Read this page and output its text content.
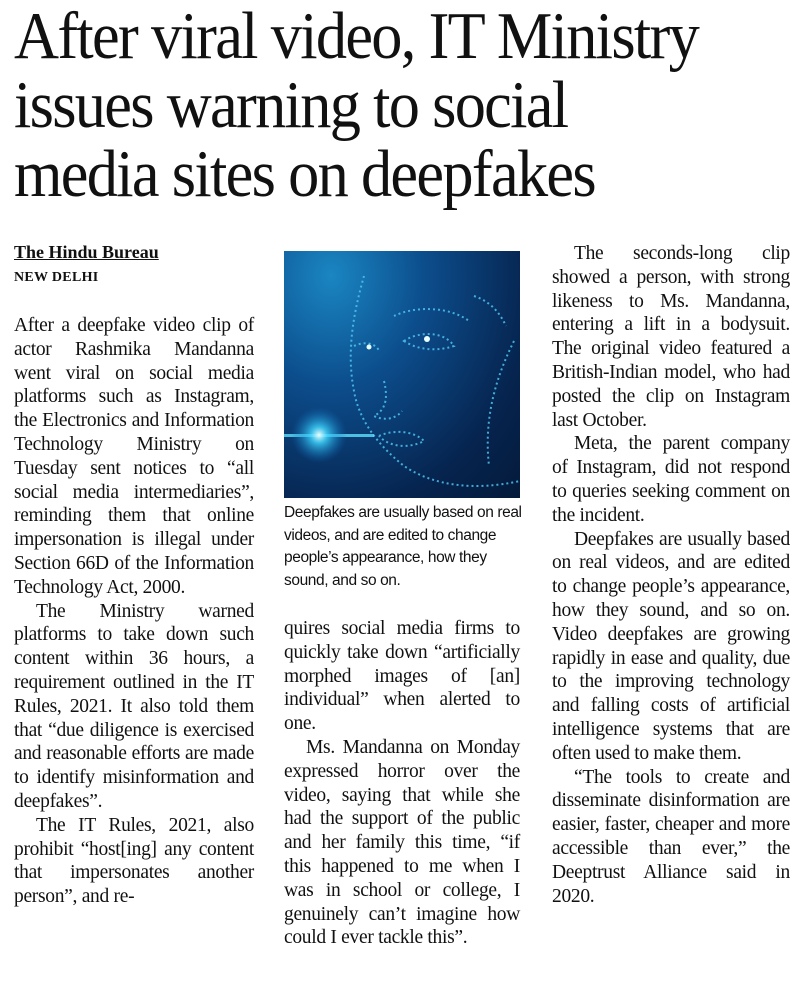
After viral video, IT Ministry
issues warning to social
media sites on deepfakes
The Hindu Bureau
NEW DELHI

After a deepfake video clip of actor Rashmika Mandanna went viral on social media platforms such as Instagram, the Electronics and Information Technology Ministry on Tuesday sent notices to “all social media intermediaries”, reminding them that online impersonation is illegal under Section 66D of the Information Technology Act, 2000.

The Ministry warned platforms to take down such content within 36 hours, a requirement outlined in the IT Rules, 2021. It also told them that “due diligence is exercised and reasonable efforts are made to identify misinformation and deepfakes”.

The IT Rules, 2021, also prohibit “host[ing] any content that impersonates another person”, and re-

Deepfakes are usually based on real videos, and are edited to change people’s appearance, how they sound, and so on.

quires social media firms to quickly take down “artificially morphed images of [an] individual” when alerted to one.

Ms. Mandanna on Monday expressed horror over the video, saying that while she had the support of the public and her family this time, “if this happened to me when I was in school or college, I genuinely can’t imagine how could I ever tackle this”.

The seconds-long clip showed a person, with strong likeness to Ms. Mandanna, entering a lift in a bodysuit. The original video featured a British-Indian model, who had posted the clip on Instagram last October.

Meta, the parent company of Instagram, did not respond to queries seeking comment on the incident.

Deepfakes are usually based on real videos, and are edited to change people’s appearance, how they sound, and so on. Video deepfakes are growing rapidly in ease and quality, due to the improving technology and falling costs of artificial intelligence systems that are often used to make them.

“The tools to create and disseminate disinformation are easier, faster, cheaper and more accessible than ever,” the Deeptrust Alliance said in 2020.
